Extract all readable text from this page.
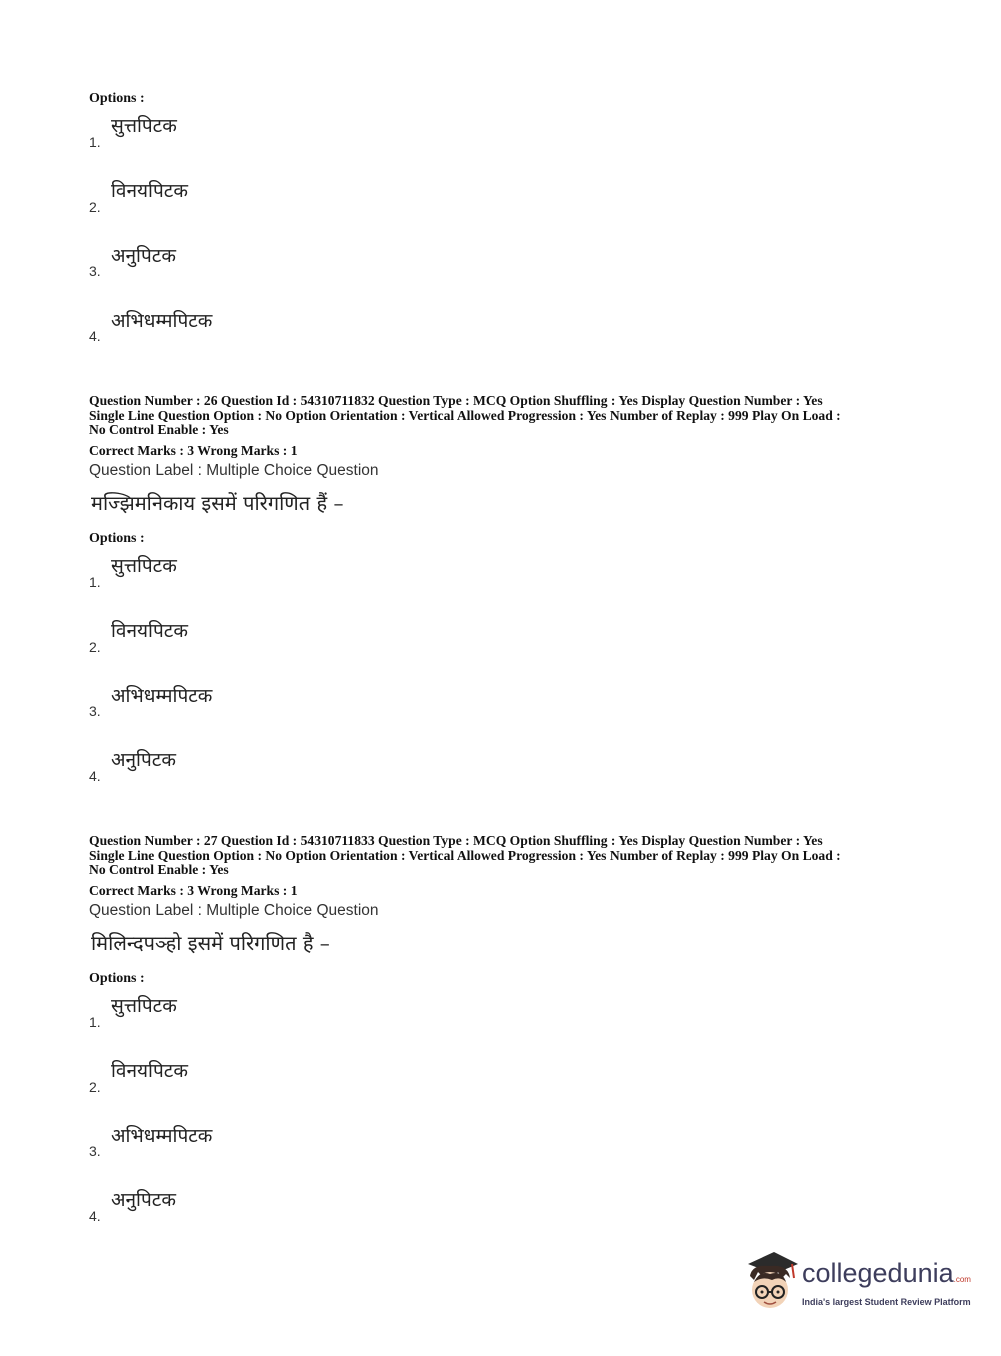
Options :
सुत्तपिटक
1.
विनयपिटक
2.
अनुपिटक
3.
अभिधम्मपिटक
4.
Question Number : 26 Question Id : 54310711832 Question Type : MCQ Option Shuffling : Yes Display Question Number : Yes
Single Line Question Option : No Option Orientation : Vertical Allowed Progression : Yes Number of Replay : 999 Play On Load :
No Control Enable : Yes
Correct Marks : 3 Wrong Marks : 1
Question Label : Multiple Choice Question
मज्झिमनिकाय इसमें परिगणित हैं –
Options :
सुत्तपिटक
1.
विनयपिटक
2.
अभिधम्मपिटक
3.
अनुपिटक
4.
Question Number : 27 Question Id : 54310711833 Question Type : MCQ Option Shuffling : Yes Display Question Number : Yes
Single Line Question Option : No Option Orientation : Vertical Allowed Progression : Yes Number of Replay : 999 Play On Load :
No Control Enable : Yes
Correct Marks : 3 Wrong Marks : 1
Question Label : Multiple Choice Question
मिलिन्दपञ्हो इसमें परिगणित है –
Options :
सुत्तपिटक
1.
विनयपिटक
2.
अभिधम्मपिटक
3.
अनुपिटक
4.
collegedunia.com
India's largest Student Review Platform
